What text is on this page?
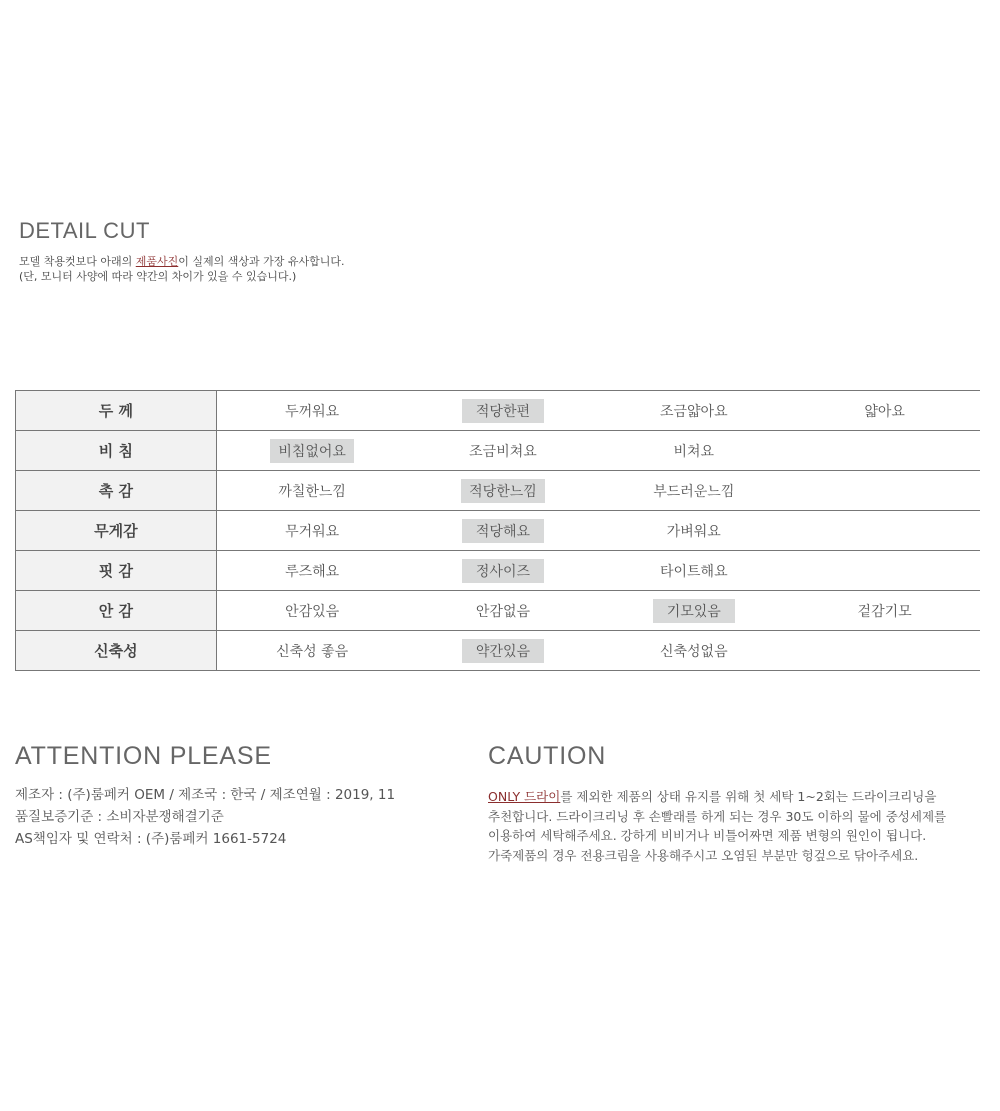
DETAIL CUT
모델 착용컷보다 아래의 제품사진이 실제의 색상과 가장 유사합니다.
(단, 모니터 사양에 따라 약간의 차이가 있을 수 있습니다.)
두 께	두꺼워요	적당한편	조금얇아요	얇아요
비 침	비침없어요	조금비쳐요	비쳐요	
촉 감	까칠한느낌	적당한느낌	부드러운느낌	
무게감	무거워요	적당해요	가벼워요	
핏 감	루즈해요	정사이즈	타이트해요	
안 감	안감있음	안감없음	기모있음	겉감기모
신축성	신축성 좋음	약간있음	신축성없음	
ATTENTION PLEASE
제조자 : (주)룸페커 OEM / 제조국 : 한국 / 제조연월 : 2019, 11
품질보증기준 : 소비자분쟁해결기준
AS책임자 및 연락처 : (주)룸페커 1661-5724
CAUTION
ONLY 드라이를 제외한 제품의 상태 유지를 위해 첫 세탁 1~2회는 드라이크리닝을
추천합니다. 드라이크리닝 후 손빨래를 하게 되는 경우 30도 이하의 물에 중성세제를
이용하여 세탁해주세요. 강하게 비비거나 비틀어짜면 제품 변형의 원인이 됩니다.
가죽제품의 경우 전용크림을 사용해주시고 오염된 부분만 헝겊으로 닦아주세요.
